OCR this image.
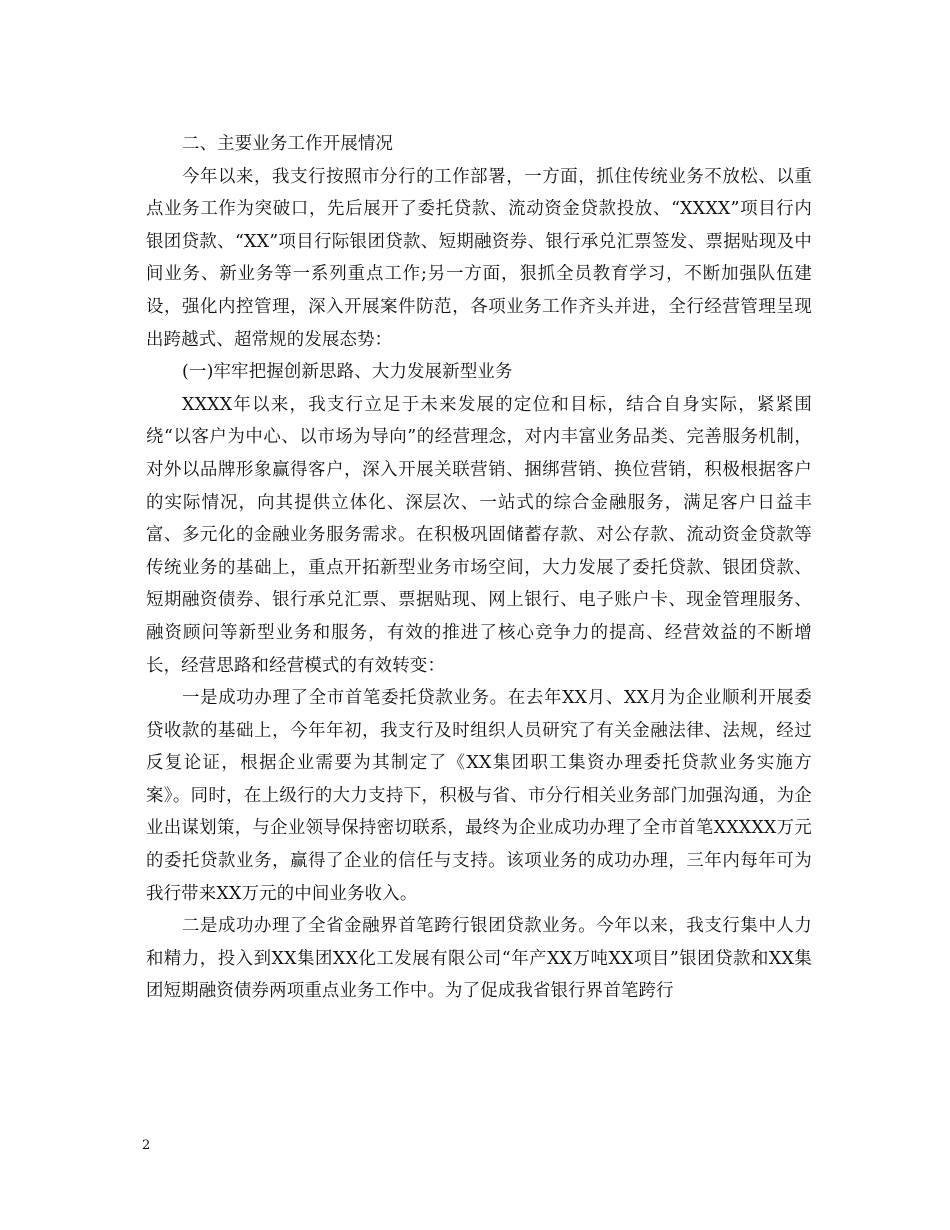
二、主要业务工作开展情况

今年以来，我支行按照市分行的工作部署，一方面，抓住传统业务不放松、以重点业务工作为突破口，先后展开了委托贷款、流动资金贷款投放、“XXXX”项目行内银团贷款、“XX”项目行际银团贷款、短期融资券、银行承兑汇票签发、票据贴现及中间业务、新业务等一系列重点工作;另一方面，狠抓全员教育学习，不断加强队伍建设，强化内控管理，深入开展案件防范，各项业务工作齐头并进，全行经营管理呈现出跨越式、超常规的发展态势：

(一)牢牢把握创新思路、大力发展新型业务

XXXX年以来，我支行立足于未来发展的定位和目标，结合自身实际，紧紧围绕“以客户为中心、以市场为导向”的经营理念，对内丰富业务品类、完善服务机制，对外以品牌形象赢得客户，深入开展关联营销、捆绑营销、换位营销，积极根据客户的实际情况，向其提供立体化、深层次、一站式的综合金融服务，满足客户日益丰富、多元化的金融业务服务需求。在积极巩固储蓄存款、对公存款、流动资金贷款等传统业务的基础上，重点开拓新型业务市场空间，大力发展了委托贷款、银团贷款、短期融资债券、银行承兑汇票、票据贴现、网上银行、电子账户卡、现金管理服务、融资顾问等新型业务和服务，有效的推进了核心竞争力的提高、经营效益的不断增长，经营思路和经营模式的有效转变：

一是成功办理了全市首笔委托贷款业务。在去年XX月、XX月为企业顺利开展委贷收款的基础上，今年年初，我支行及时组织人员研究了有关金融法律、法规，经过反复论证，根据企业需要为其制定了《XX集团职工集资办理委托贷款业务实施方案》。同时，在上级行的大力支持下，积极与省、市分行相关业务部门加强沟通，为企业出谋划策，与企业领导保持密切联系，最终为企业成功办理了全市首笔XXXXX万元的委托贷款业务，赢得了企业的信任与支持。该项业务的成功办理，三年内每年可为我行带来XX万元的中间业务收入。

二是成功办理了全省金融界首笔跨行银团贷款业务。今年以来，我支行集中人力和精力，投入到XX集团XX化工发展有限公司“年产XX万吨XX项目”银团贷款和XX集团短期融资债券两项重点业务工作中。为了促成我省银行界首笔跨行

2
